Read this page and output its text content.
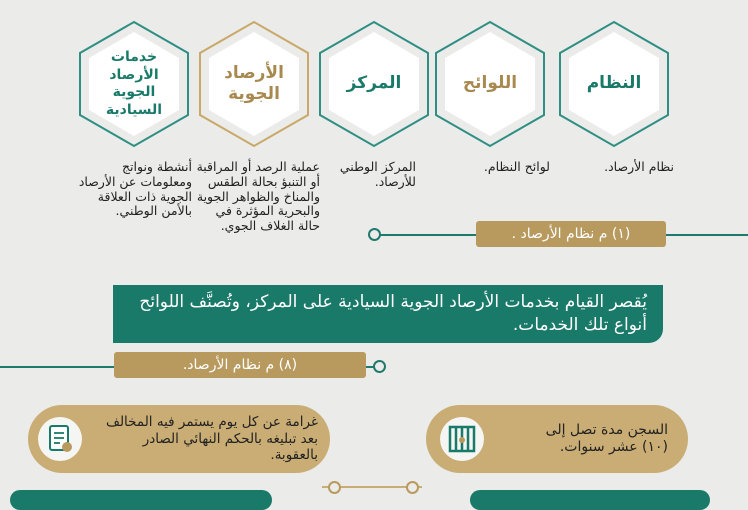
النظام
اللوائح
المركز
الأرصاد الجوية
خدمات الأرصاد الجوية السيادية
نظام الأرصاد.
لوائح النظام.
المركز الوطني للأرصاد.
عملية الرصد أو المراقبة أو التنبؤ بحالة الطقس والمناخ والظواهر الجوية والبحرية المؤثرة في حالة الغلاف الجوي.
أنشطة ونواتج ومعلومات عن الأرصاد الجوية ذات العلاقة بالأمن الوطني.
(١) م نظام الأرصاد .
يُقصر القيام بخدمات الأرصاد الجوية السيادية على المركز، وتُصنَّف اللوائح أنواع تلك الخدمات.
(٨) م نظام الأرصاد.
السجن مدة تصل إلى (١٠) عشر سنوات.
غرامة عن كل يوم يستمر فيه المخالف بعد تبليغه بالحكم النهائي الصادر بالعقوبة.
